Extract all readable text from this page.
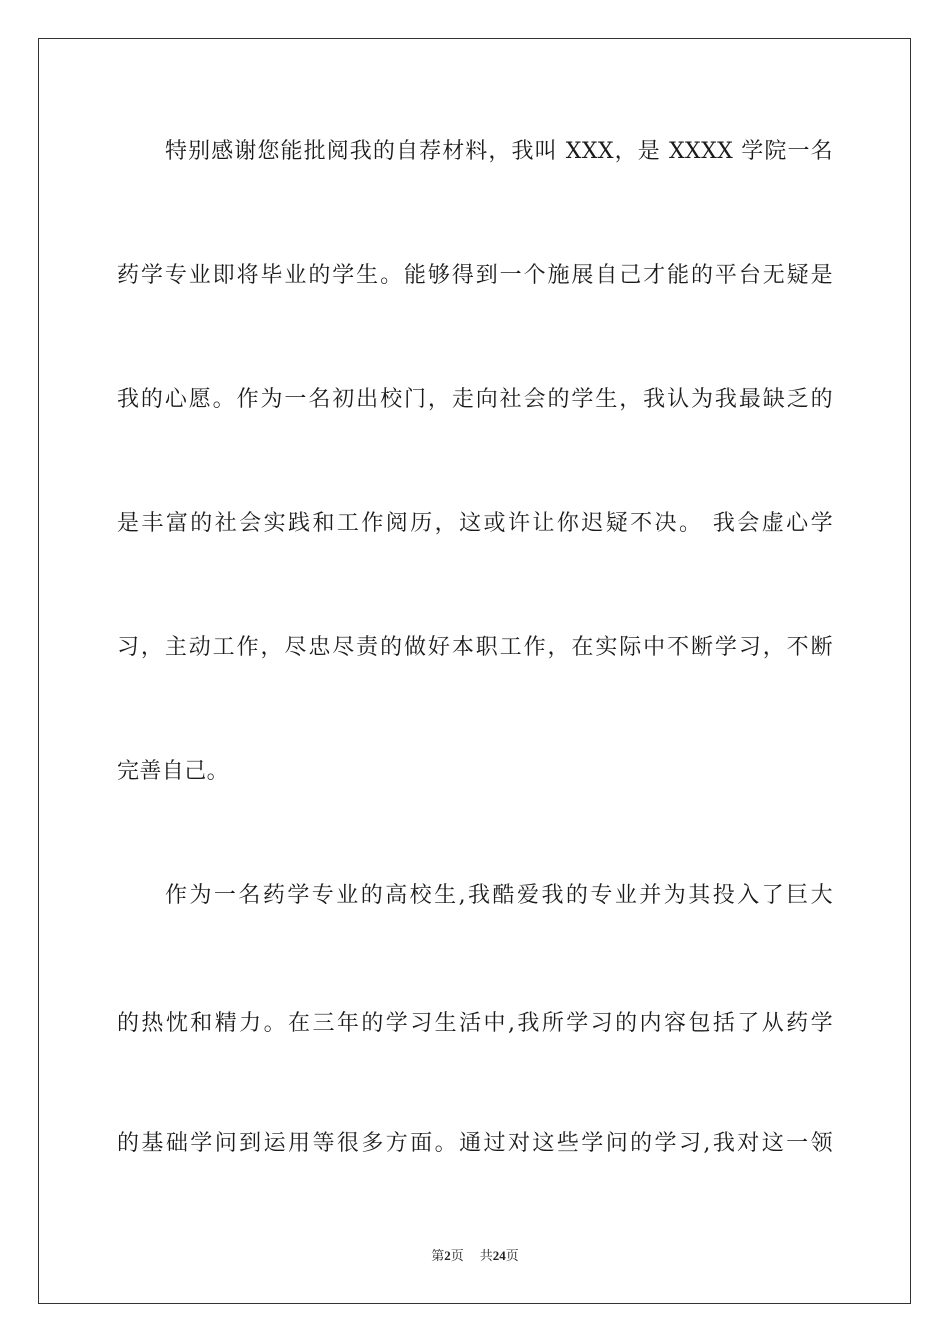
特别感谢您能批阅我的自荐材料，我叫 XXX，是 XXXX 学院一名
药学专业即将毕业的学生。能够得到一个施展自己才能的平台无疑是
我的心愿。作为一名初出校门，走向社会的学生，我认为我最缺乏的
是丰富的社会实践和工作阅历，这或许让你迟疑不决。 我会虚心学
习，主动工作，尽忠尽责的做好本职工作，在实际中不断学习，不断
完善自己。
作为一名药学专业的高校生,我酷爱我的专业并为其投入了巨大
的热忱和精力。在三年的学习生活中,我所学习的内容包括了从药学
的基础学问到运用等很多方面。通过对这些学问的学习,我对这一领
第2页 共24页
